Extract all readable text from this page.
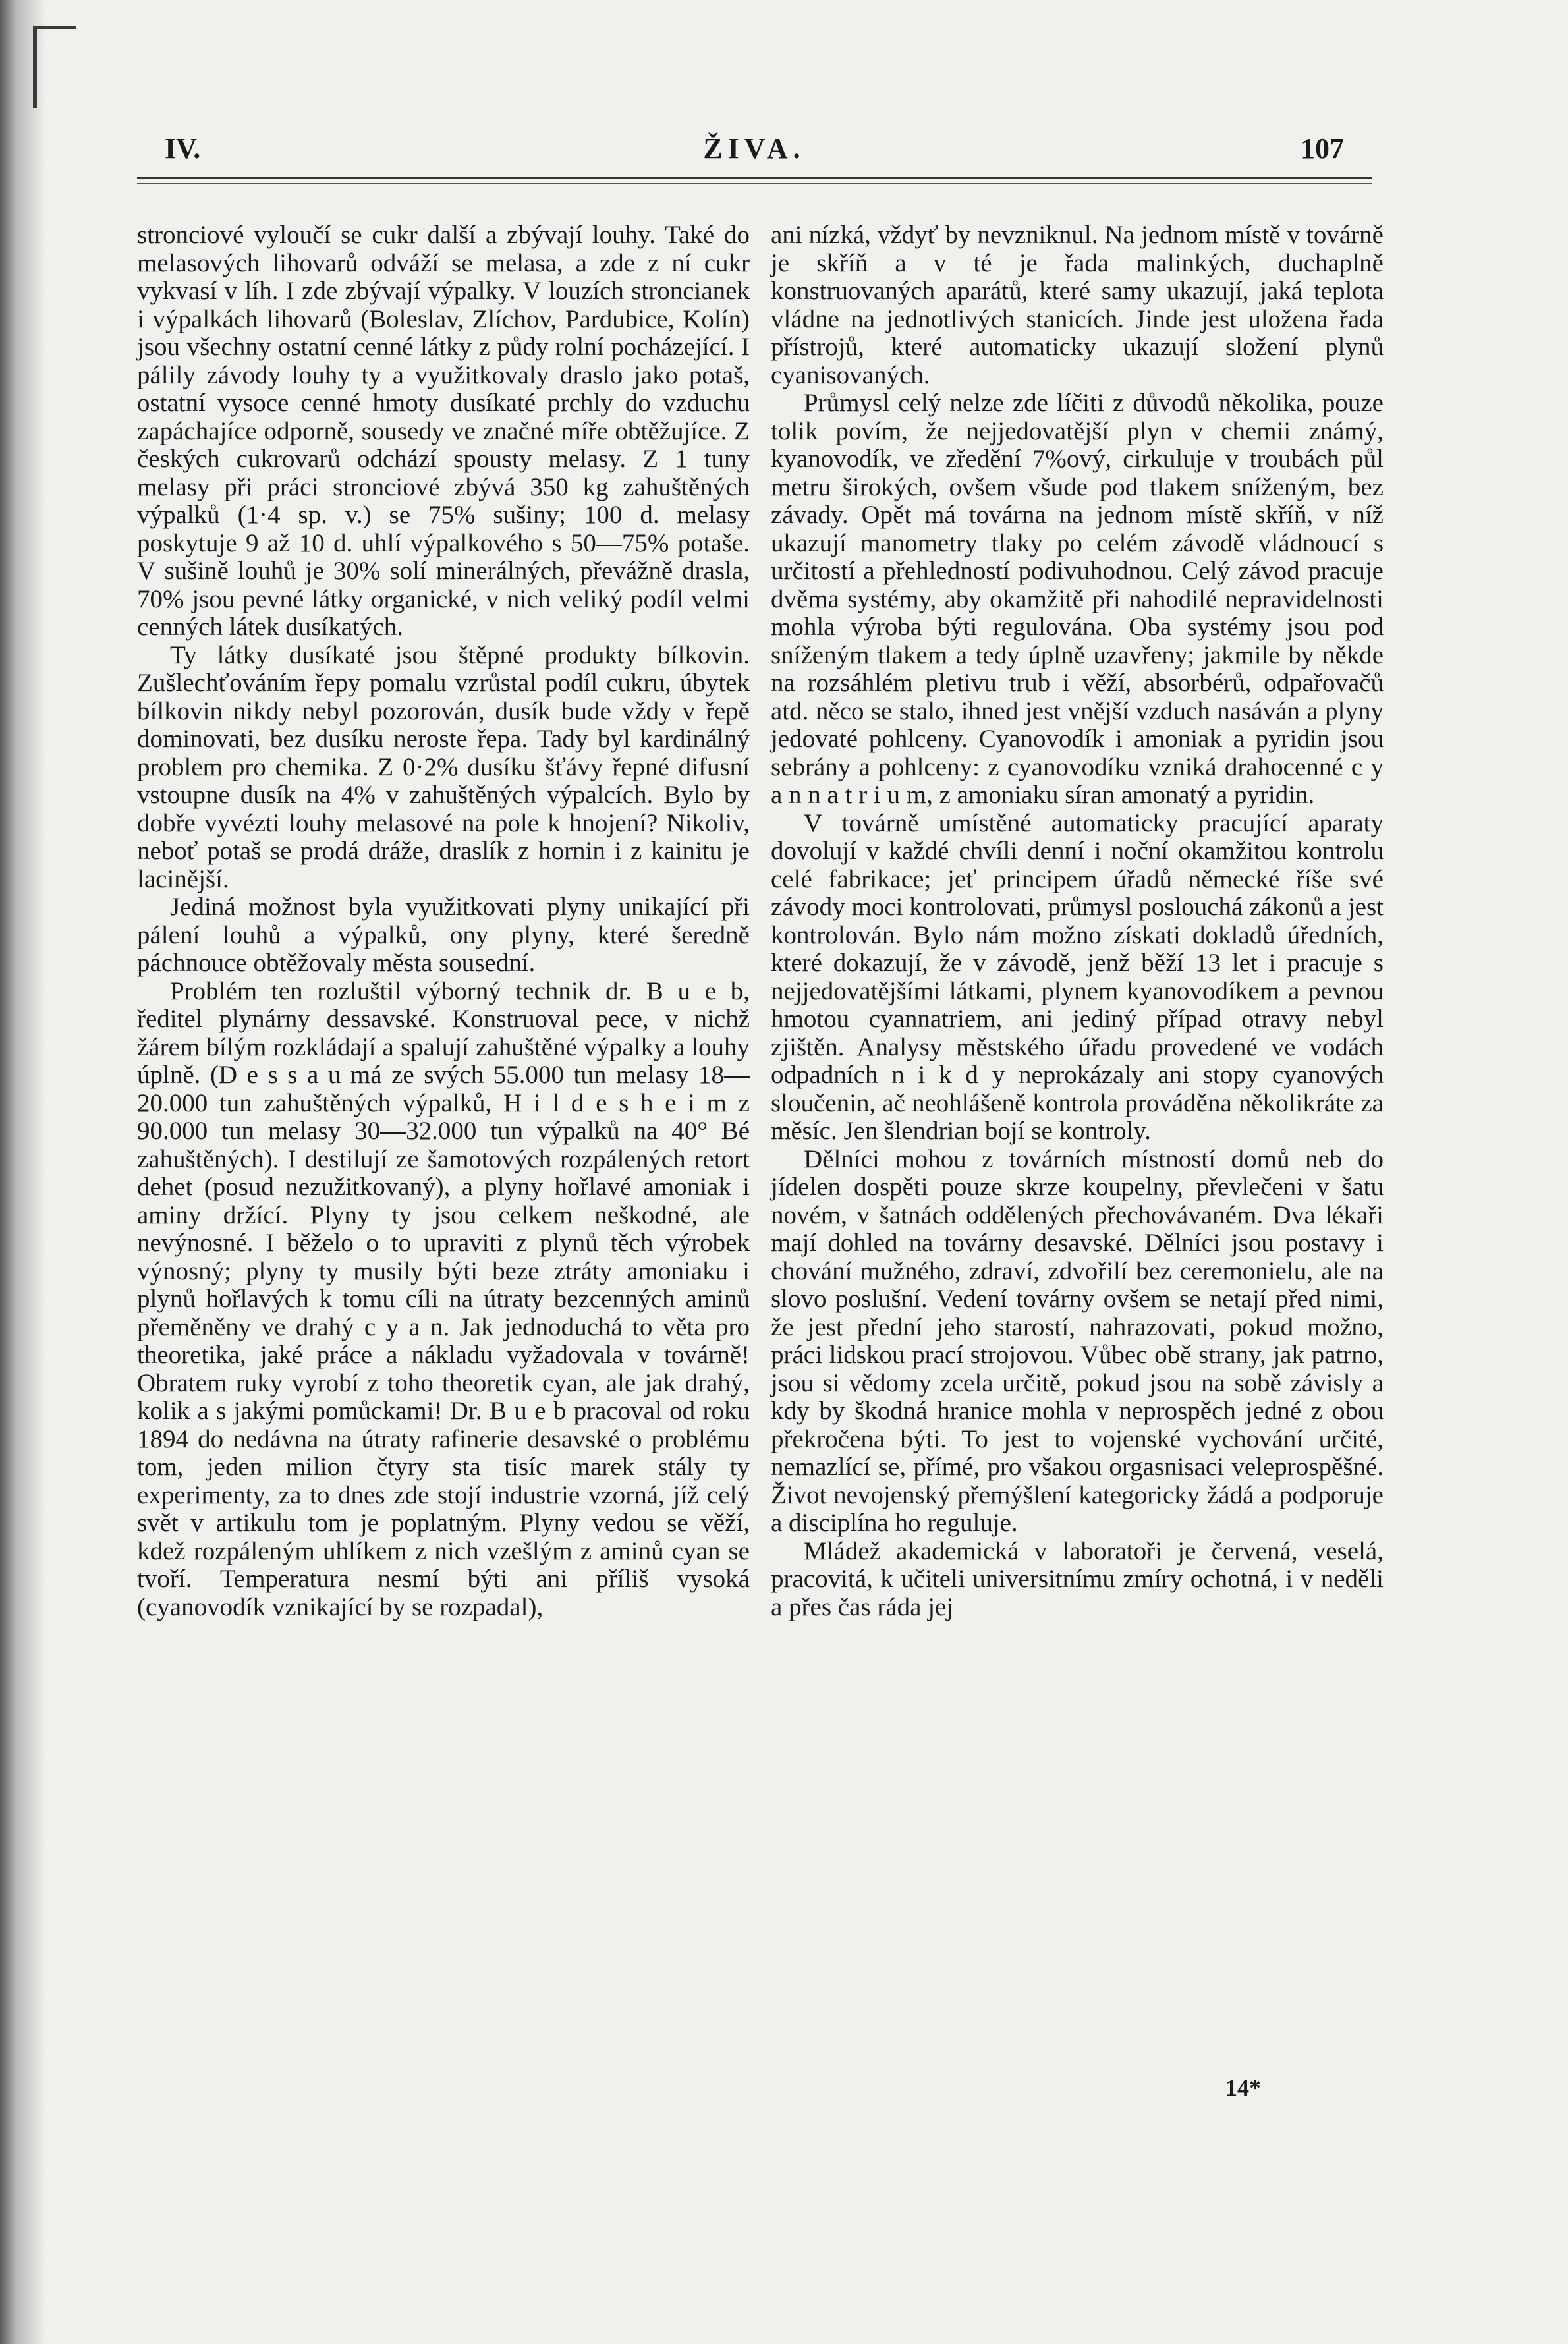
IV.	ŽIVA.	107

stronciové vyloučí se cukr další a zbývají louhy. Také do melasových lihovarů odváží se melasa, a zde z ní cukr vykvasí v líh. I zde zbývají výpalky. V louzích stroncianek i výpalkách lihovarů (Boleslav, Zlíchov, Pardubice, Kolín) jsou všechny ostatní cenné látky z půdy rolní pocházející. I pálily závody louhy ty a využitkovaly draslo jako potaš, ostatní vysoce cenné hmoty dusíkaté prchly do vzduchu zapáchajíce odporně, sousedy ve značné míře obtěžujíce. Z českých cukrovarů odchází spousty melasy. Z 1 tuny melasy při práci stronciové zbývá 350 kg zahuštěných výpalků (1·4 sp. v.) se 75% sušiny; 100 d. melasy poskytuje 9 až 10 d. uhlí výpalkového s 50—75% potaše. V sušině louhů je 30% solí minerálných, převážně drasla, 70% jsou pevné látky organické, v nich veliký podíl velmi cenných látek dusíkatých.

Ty látky dusíkaté jsou štěpné produkty bílkovin. Zušlechťováním řepy pomalu vzrůstal podíl cukru, úbytek bílkovin nikdy nebyl pozorován, dusík bude vždy v řepě dominovati, bez dusíku neroste řepa. Tady byl kardinálný problem pro chemika. Z 0·2% dusíku šťávy řepné difusní vstoupne dusík na 4% v zahuštěných výpalcích. Bylo by dobře vyvézti louhy melasové na pole k hnojení? Nikoliv, neboť potaš se prodá dráže, draslík z hornin i z kainitu je lacinější.

Jediná možnost byla využitkovati plyny unikající při pálení louhů a výpalků, ony plyny, které šeredně páchnouce obtěžovaly města sousední.

Problém ten rozluštil výborný technik dr. B u e b, ředitel plynárny dessavské. Konstruoval pece, v nichž žárem bílým rozkládají a spalují zahuštěné výpalky a louhy úplně. (D e s s a u má ze svých 55.000 tun melasy 18—20.000 tun zahuštěných výpalků, H i l d e s h e i m z 90.000 tun melasy 30—32.000 tun výpalků na 40° Bé zahuštěných). I destilují ze šamotových rozpálených retort dehet (posud nezužitkovaný), a plyny hořlavé amoniak i aminy držící. Plyny ty jsou celkem neškodné, ale nevýnosné. I běželo o to upraviti z plynů těch výrobek výnosný; plyny ty musily býti beze ztráty amoniaku i plynů hořlavých k tomu cíli na útraty bezcenných aminů přeměněny ve drahý c y a n. Jak jednoduchá to věta pro theoretika, jaké práce a nákladu vyžadovala v továrně! Obratem ruky vyrobí z toho theoretik cyan, ale jak drahý, kolik a s jakými pomůckami! Dr. B u e b pracoval od roku 1894 do nedávna na útraty rafinerie desavské o problému tom, jeden milion čtyry sta tisíc marek stály ty experimenty, za to dnes zde stojí industrie vzorná, jíž celý svět v artikulu tom je poplatným. Plyny vedou se věží, kdež rozpáleným uhlíkem z nich vzešlým z aminů cyan se tvoří. Temperatura nesmí býti ani příliš vysoká (cyanovodík vznikající by se rozpadal),

ani nízká, vždyť by nevzniknul. Na jednom místě v továrně je skříň a v té je řada malinkých, duchaplně konstruovaných aparátů, které samy ukazují, jaká teplota vládne na jednotlivých stanicích. Jinde jest uložena řada přístrojů, které automaticky ukazují složení plynů cyanisovaných.

Průmysl celý nelze zde líčiti z důvodů několika, pouze tolik povím, že nejjedovatější plyn v chemii známý, kyanovodík, ve zředění 7%ový, cirkuluje v troubách půl metru širokých, ovšem všude pod tlakem sníženým, bez závady. Opět má továrna na jednom místě skříň, v níž ukazují manometry tlaky po celém závodě vládnoucí s určitostí a přehledností podivuhodnou. Celý závod pracuje dvěma systémy, aby okamžitě při nahodilé nepravidelnosti mohla výroba býti regulována. Oba systémy jsou pod sníženým tlakem a tedy úplně uzavřeny; jakmile by někde na rozsáhlém pletivu trub i věží, absorbérů, odpařovačů atd. něco se stalo, ihned jest vnější vzduch nasáván a plyny jedovaté pohlceny. Cyanovodík i amoniak a pyridin jsou sebrány a pohlceny: z cyanovodíku vzniká drahocenné c y a n n a t r i u m, z amoniaku síran amonatý a pyridin.

V továrně umístěné automaticky pracující aparaty dovolují v každé chvíli denní i noční okamžitou kontrolu celé fabrikace; jeť principem úřadů německé říše své závody moci kontrolovati, průmysl poslouchá zákonů a jest kontrolován. Bylo nám možno získati dokladů úředních, které dokazují, že v závodě, jenž běží 13 let i pracuje s nejjedovatějšími látkami, plynem kyanovodíkem a pevnou hmotou cyannatriem, ani jediný případ otravy nebyl zjištěn. Analysy městského úřadu provedené ve vodách odpadních n i k d y neprokázaly ani stopy cyanových sloučenin, ač neohlášeně kontrola prováděna několikráte za měsíc. Jen šlendrian bojí se kontroly.

Dělníci mohou z továrních místností domů neb do jídelen dospěti pouze skrze koupelny, převlečeni v šatu novém, v šatnách oddělených přechovávaném. Dva lékaři mají dohled na továrny desavské. Dělníci jsou postavy i chování mužného, zdraví, zdvořilí bez ceremonielu, ale na slovo poslušní. Vedení továrny ovšem se netají před nimi, že jest přední jeho starostí, nahrazovati, pokud možno, práci lidskou prací strojovou. Vůbec obě strany, jak patrno, jsou si vědomy zcela určitě, pokud jsou na sobě závisly a kdy by škodná hranice mohla v neprospěch jedné z obou překročena býti. To jest to vojenské vychování určité, nemazlící se, přímé, pro všakou orgasnisaci veleprospěšné. Život nevojenský přemýšlení kategoricky žádá a podporuje a disciplína ho reguluje.

Mládež akademická v laboratoři je červená, veselá, pracovitá, k učiteli universitnímu zmíry ochotná, i v neděli a přes čas ráda jej

14*
